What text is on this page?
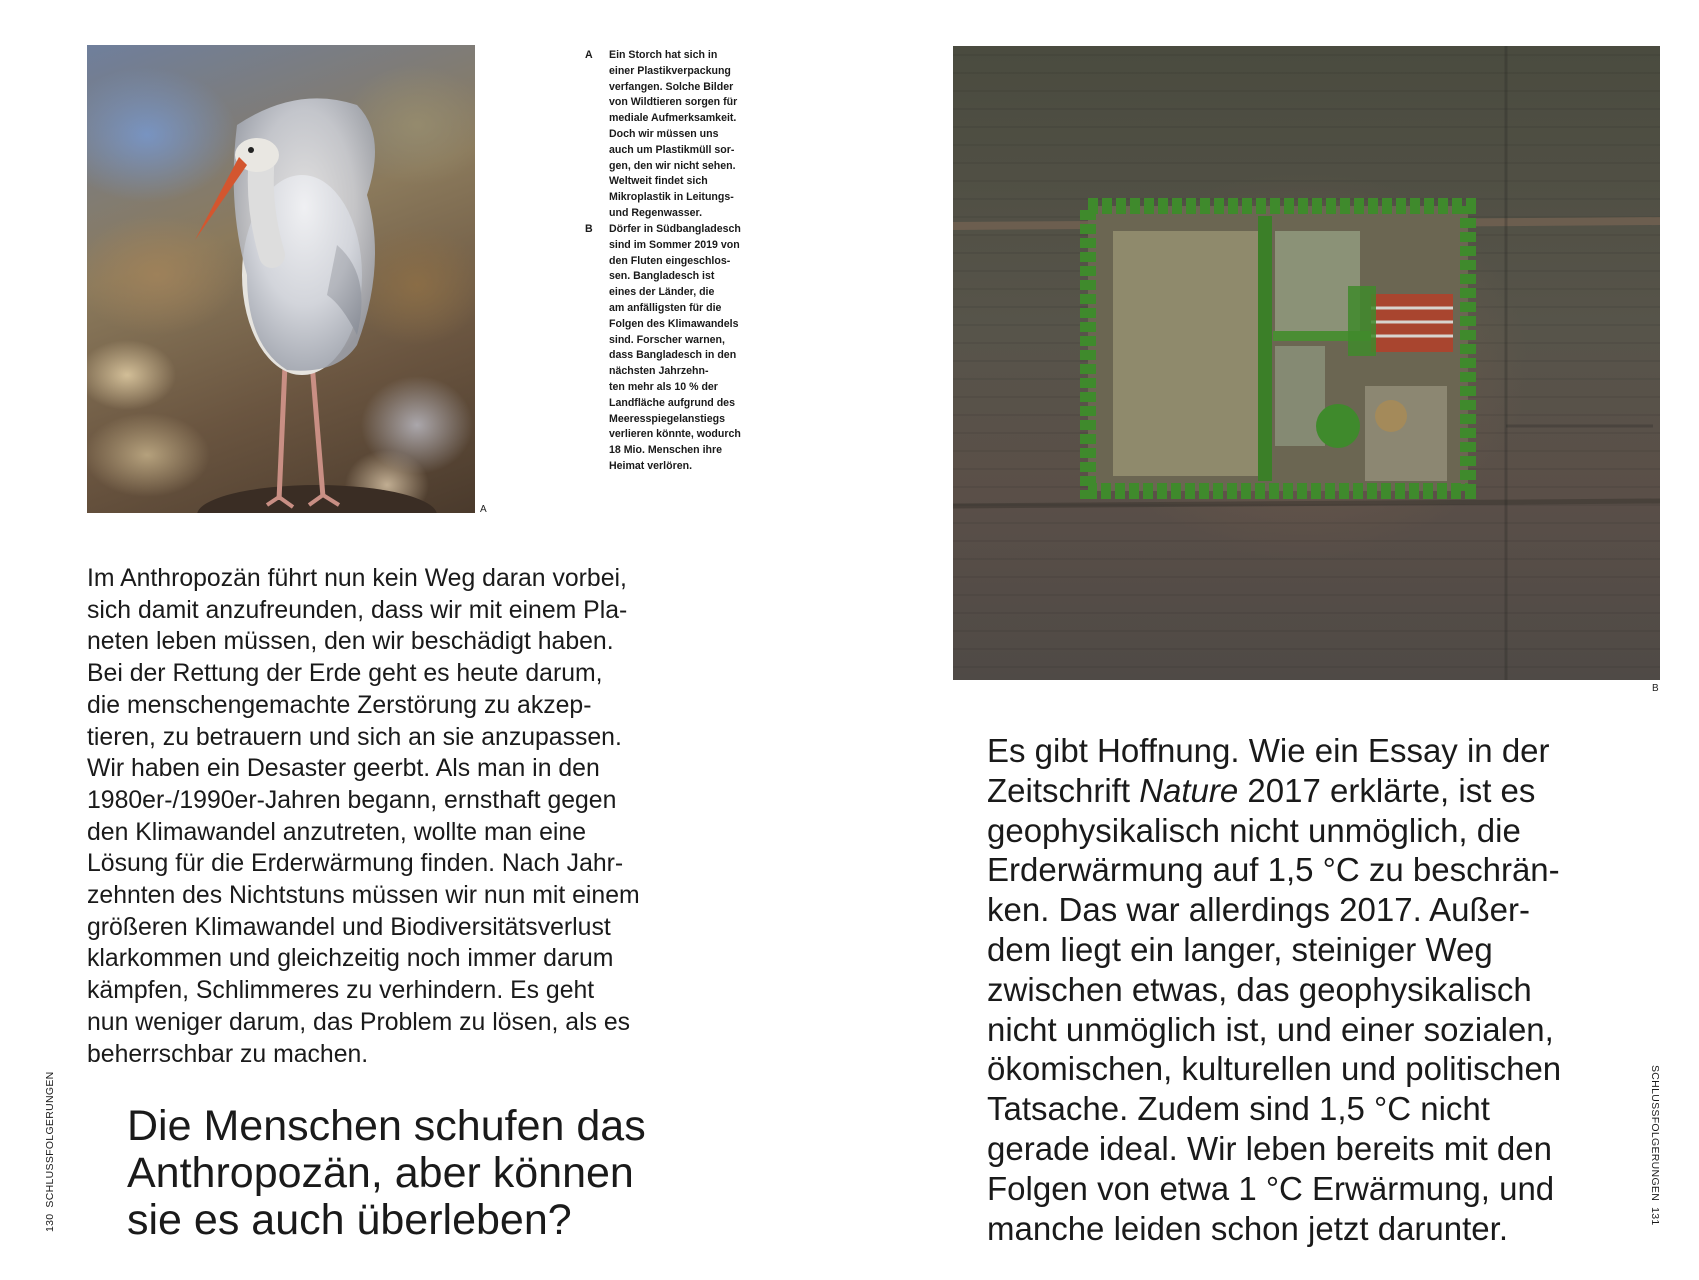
A
A Ein Storch hat sich in
einer Plastikverpackung
verfangen. Solche Bilder
von Wildtieren sorgen für
mediale Aufmerksamkeit.
Doch wir müssen uns
auch um Plastikmüll sor-
gen, den wir nicht sehen.
Weltweit findet sich
Mikroplastik in Leitungs-
und Regenwasser.
B Dörfer in Südbangladesch
sind im Sommer 2019 von
den Fluten eingeschlos-
sen. Bangladesch ist
eines der Länder, die
am anfälligsten für die
Folgen des Klimawandels
sind. Forscher warnen,
dass Bangladesch in den
nächsten Jahrzehn-
ten mehr als 10 % der
Landfläche aufgrund des
Meeresspiegelanstiegs
verlieren könnte, wodurch
18 Mio. Menschen ihre
Heimat verlören.
Im Anthropozän führt nun kein Weg daran vorbei,
sich damit anzufreunden, dass wir mit einem Pla-
neten leben müssen, den wir beschädigt haben.
Bei der Rettung der Erde geht es heute darum,
die menschengemachte Zerstörung zu akzep-
tieren, zu betrauern und sich an sie anzupassen.
Wir haben ein Desaster geerbt. Als man in den
1980er-/1990er-Jahren begann, ernsthaft gegen
den Klimawandel anzutreten, wollte man eine
Lösung für die Erderwärmung finden. Nach Jahr-
zehnten des Nichtstuns müssen wir nun mit einem
größeren Klimawandel und Biodiversitätsverlust
klarkommen und gleichzeitig noch immer darum
kämpfen, Schlimmeres zu verhindern. Es geht
nun weniger darum, das Problem zu lösen, als es
beherrschbar zu machen.
Die Menschen schufen das
Anthropozän, aber können
sie es auch überleben?
B
Es gibt Hoffnung. Wie ein Essay in der
Zeitschrift Nature 2017 erklärte, ist es
geophysikalisch nicht unmöglich, die
Erderwärmung auf 1,5 °C zu beschrän-
ken. Das war allerdings 2017. Außer-
dem liegt ein langer, steiniger Weg
zwischen etwas, das geophysikalisch
nicht unmöglich ist, und einer sozialen,
ökomischen, kulturellen und politischen
Tatsache. Zudem sind 1,5 °C nicht
gerade ideal. Wir leben bereits mit den
Folgen von etwa 1 °C Erwärmung, und
manche leiden schon jetzt darunter.
130SCHLUSSFOLGERUNGEN	SCHLUSSFOLGERUNGEN131
